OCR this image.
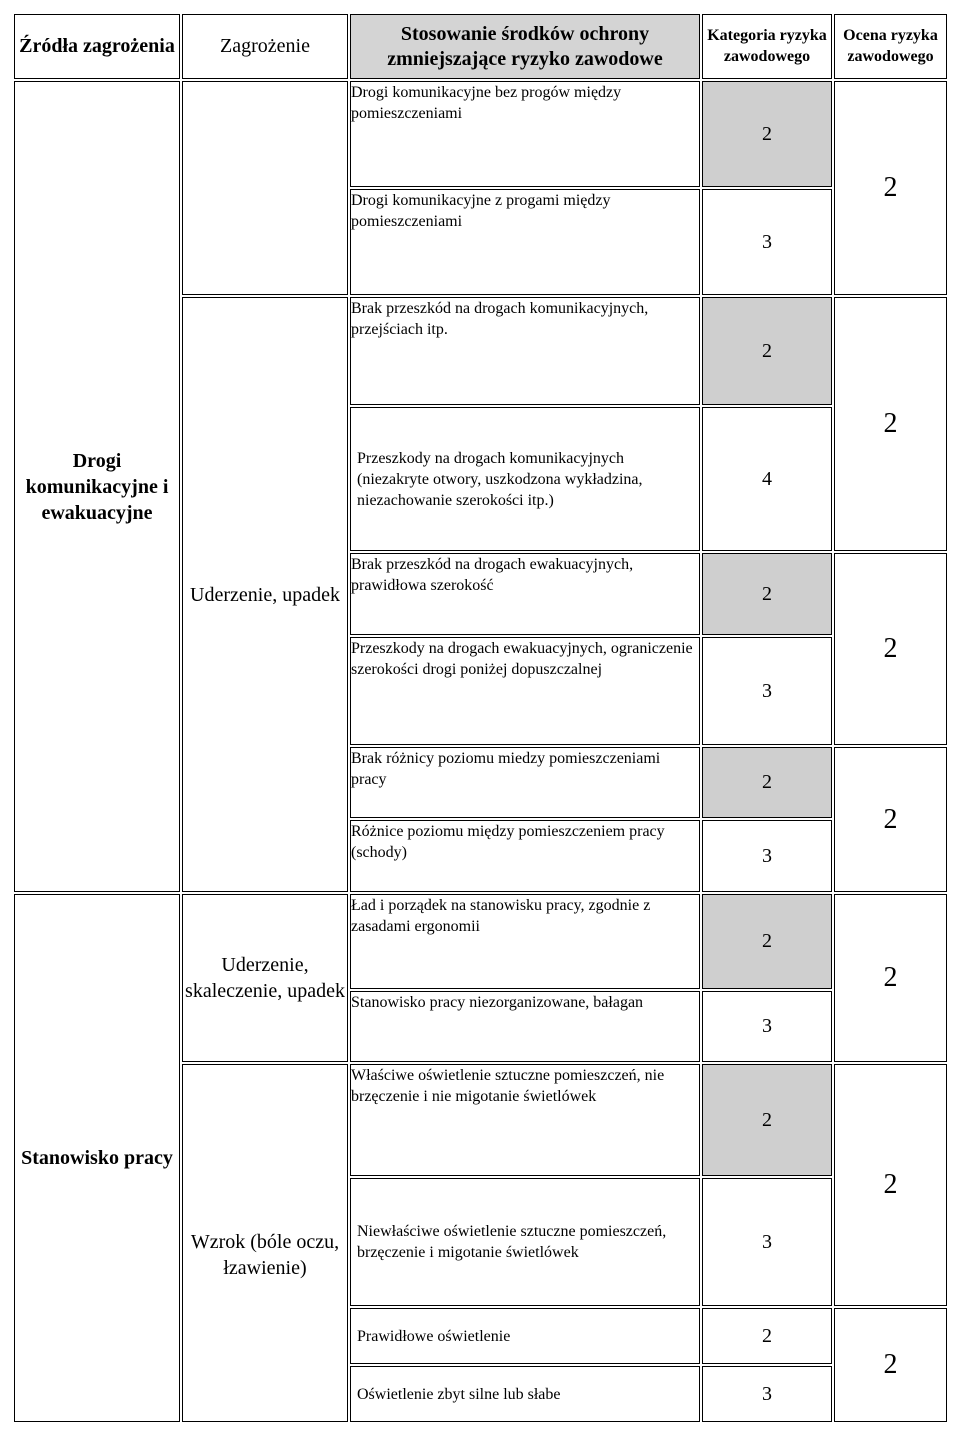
Źródła zagrożenia	Zagrożenie	Stosowanie środków ochrony zmniejszające ryzyko zawodowe	Kategoria ryzyka zawodowego	Ocena ryzyka zawodowego
Drogi komunikacyjne i ewakuacyjne		Drogi komunikacyjne bez progów między pomieszczeniami	2	2
		Drogi komunikacyjne z progami między pomieszczeniami	3	
	Uderzenie, upadek	Brak przeszkód na drogach komunikacyjnych, przejściach itp.	2	2
		Przeszkody na drogach komunikacyjnych (niezakryte otwory, uszkodzona wykładzina, niezachowanie szerokości itp.)	4	
		Brak przeszkód na drogach ewakuacyjnych, prawidłowa szerokość	2	2
		Przeszkody na drogach ewakuacyjnych, ograniczenie szerokości drogi poniżej dopuszczalnej	3	
		Brak różnicy poziomu miedzy pomieszczeniami pracy	2	2
		Różnice poziomu między pomieszczeniem pracy (schody)	3	
Stanowisko pracy	Uderzenie, skaleczenie, upadek	Ład i porządek na stanowisku pracy, zgodnie z zasadami ergonomii	2	2
		Stanowisko pracy niezorganizowane, bałagan	3	
	Wzrok (bóle oczu, łzawienie)	Właściwe oświetlenie sztuczne pomieszczeń, nie brzęczenie i nie migotanie świetlówek	2	2
		Niewłaściwe oświetlenie sztuczne pomieszczeń, brzęczenie i migotanie świetlówek	3	
		Prawidłowe oświetlenie	2	2
		Oświetlenie zbyt silne lub słabe	3	
